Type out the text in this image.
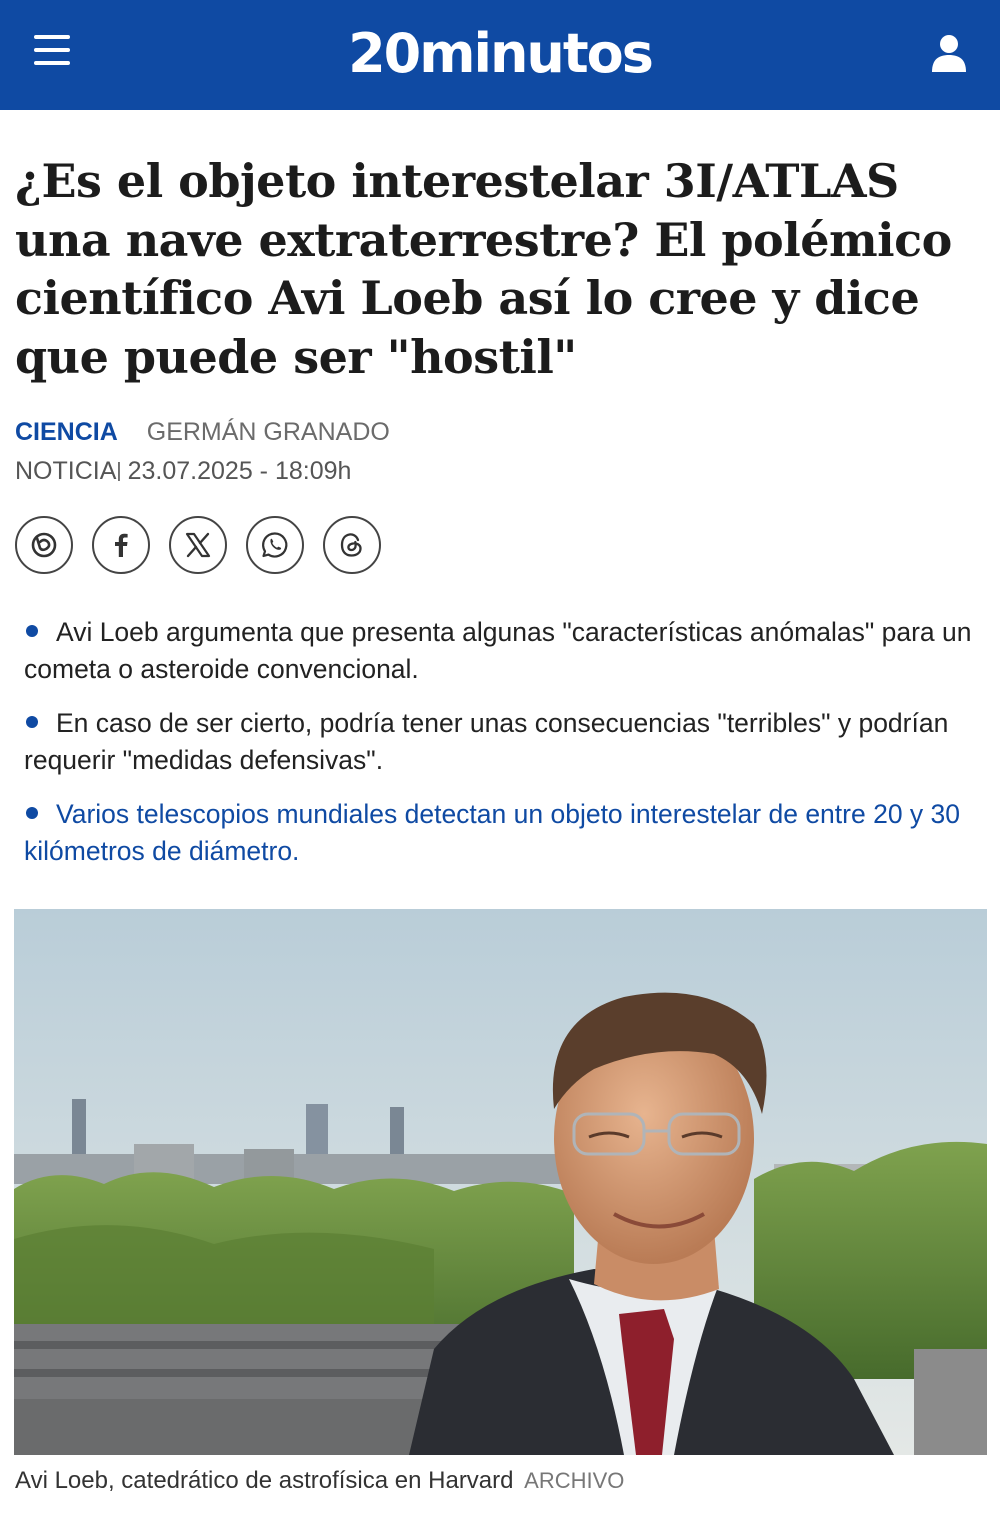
20minutos
¿Es el objeto interestelar 3I/ATLAS una nave extraterrestre? El polémico científico Avi Loeb así lo cree y dice que puede ser "hostil"
CIENCIA GERMÁN GRANADO
NOTICIA| 23.07.2025 - 18:09h
Avi Loeb argumenta que presenta algunas "características anómalas" para un cometa o asteroide convencional.
En caso de ser cierto, podría tener unas consecuencias "terribles" y podrían requerir "medidas defensivas".
Varios telescopios mundiales detectan un objeto interestelar de entre 20 y 30 kilómetros de diámetro.
Avi Loeb, catedrático de astrofísica en Harvard ARCHIVO
